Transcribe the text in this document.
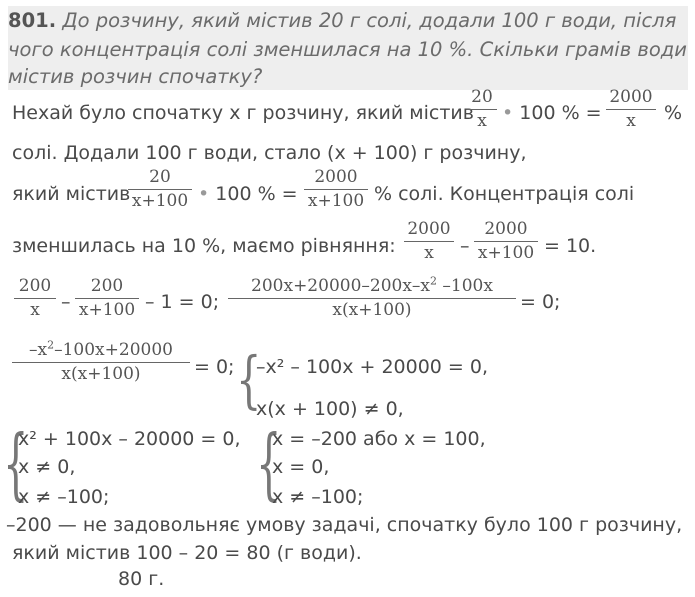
801. До розчину, який містив 20 г солі, додали 100 г води, після
чого концентрація солі зменшилася на 10 %. Скільки грамів води
містив розчин спочатку?
Нехай було спочатку х г розчину, який містив
$\frac{20}{x}$ • 100 % = $\frac{2000}{x}$ %
солі. Додали 100 г води, стало (х + 100) г розчину,
який містив
$\frac{20}{x+100}$ • 100 % = $\frac{2000}{x+100}$ % солі. Концентрація солі
зменшилась на 10 %, маємо рівняння: $\frac{2000}{x} - \frac{2000}{x+100} = 10$.
$\frac{200}{x} - \frac{200}{x+100} - 1 = 0$; $\frac{200x+20000-200x-x^2 -100x}{x(x+100)} = 0$;
$\frac{-x^2-100x+20000}{x(x+100)} = 0$; {
–х² – 100х + 20000 = 0,
х(х + 100) ≠ 0,
{
х² + 100х – 20000 = 0,
х ≠ 0,
х ≠ –100;	{
х = –200 або х = 100,
х = 0,
х ≠ –100;
–200 — не задовольняє умову задачі, спочатку було 100 г розчину,
який містив 100 – 20 = 80 (г води).
80 г.
